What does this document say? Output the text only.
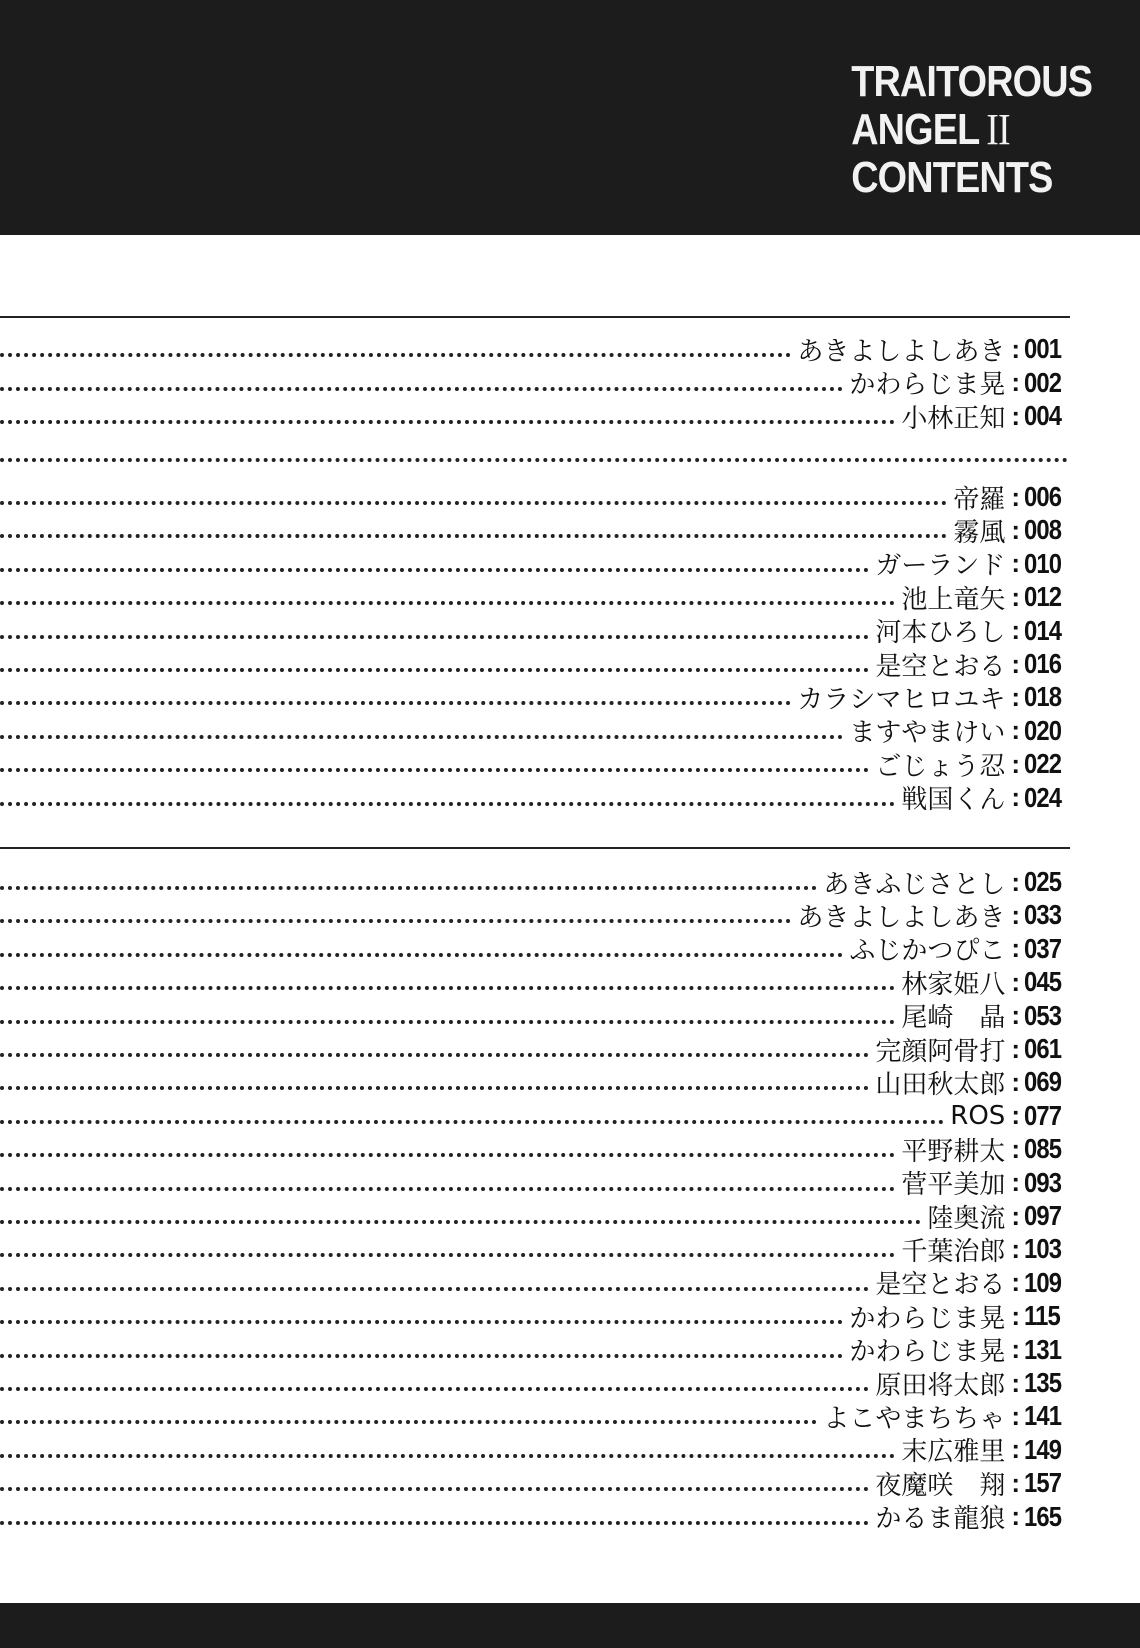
TRAITOROUS
ANGEL II
CONTENTS
あきよしよしあき : 001
かわらじま晃 : 002
小林正知 : 004
帝羅 : 006
霧風 : 008
ガーランド : 010
池上竜矢 : 012
河本ひろし : 014
是空とおる : 016
カラシマヒロユキ : 018
ますやまけい : 020
ごじょう忍 : 022
戦国くん : 024
あきふじさとし : 025
あきよしよしあき : 033
ふじかつぴこ : 037
林家姫八 : 045
尾崎　晶 : 053
完顔阿骨打 : 061
山田秋太郎 : 069
ROS : 077
平野耕太 : 085
菅平美加 : 093
陸奥流 : 097
千葉治郎 : 103
是空とおる : 109
かわらじま晃 : 115
かわらじま晃 : 131
原田将太郎 : 135
よこやまちちゃ : 141
末広雅里 : 149
夜魔咲　翔 : 157
かるま龍狼 : 165
